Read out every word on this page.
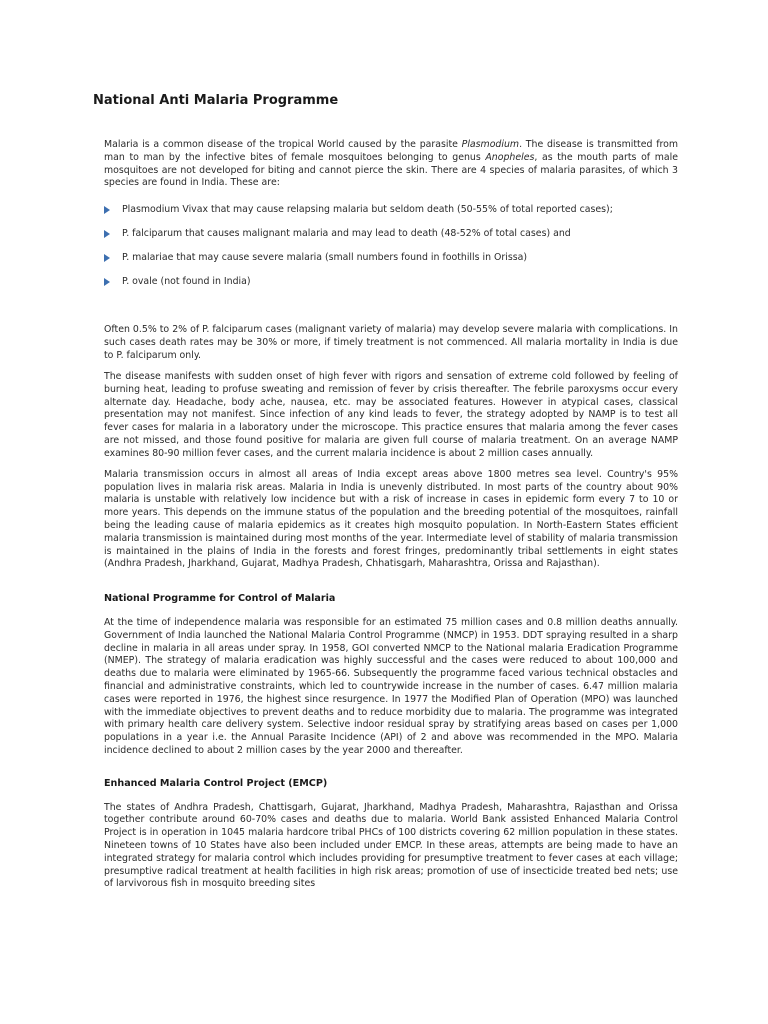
National Anti Malaria Programme

Malaria is a common disease of the tropical World caused by the parasite Plasmodium. The disease is transmitted from man to man by the infective bites of female mosquitoes belonging to genus Anopheles, as the mouth parts of male mosquitoes are not developed for biting and cannot pierce the skin. There are 4 species of malaria parasites, of which 3 species are found in India. These are:

Plasmodium Vivax that may cause relapsing malaria but seldom death (50-55% of total reported cases);
P. falciparum that causes malignant malaria and may lead to death (48-52% of total cases) and
P. malariae that may cause severe malaria (small numbers found in foothills in Orissa)
P. ovale (not found in India)

Often 0.5% to 2% of P. falciparum cases (malignant variety of malaria) may develop severe malaria with complications. In such cases death rates may be 30% or more, if timely treatment is not commenced. All malaria mortality in India is due to P. falciparum only.

The disease manifests with sudden onset of high fever with rigors and sensation of extreme cold followed by feeling of burning heat, leading to profuse sweating and remission of fever by crisis thereafter. The febrile paroxysms occur every alternate day. Headache, body ache, nausea, etc. may be associated features. However in atypical cases, classical presentation may not manifest. Since infection of any kind leads to fever, the strategy adopted by NAMP is to test all fever cases for malaria in a laboratory under the microscope. This practice ensures that malaria among the fever cases are not missed, and those found positive for malaria are given full course of malaria treatment. On an average NAMP examines 80-90 million fever cases, and the current malaria incidence is about 2 million cases annually.

Malaria transmission occurs in almost all areas of India except areas above 1800 metres sea level. Country's 95% population lives in malaria risk areas. Malaria in India is unevenly distributed. In most parts of the country about 90% malaria is unstable with relatively low incidence but with a risk of increase in cases in epidemic form every 7 to 10 or more years. This depends on the immune status of the population and the breeding potential of the mosquitoes, rainfall being the leading cause of malaria epidemics as it creates high mosquito population. In North-Eastern States efficient malaria transmission is maintained during most months of the year. Intermediate level of stability of malaria transmission is maintained in the plains of India in the forests and forest fringes, predominantly tribal settlements in eight states (Andhra Pradesh, Jharkhand, Gujarat, Madhya Pradesh, Chhatisgarh, Maharashtra, Orissa and Rajasthan).

National Programme for Control of Malaria

At the time of independence malaria was responsible for an estimated 75 million cases and 0.8 million deaths annually. Government of India launched the National Malaria Control Programme (NMCP) in 1953. DDT spraying resulted in a sharp decline in malaria in all areas under spray. In 1958, GOI converted NMCP to the National malaria Eradication Programme (NMEP). The strategy of malaria eradication was highly successful and the cases were reduced to about 100,000 and deaths due to malaria were eliminated by 1965-66. Subsequently the programme faced various technical obstacles and financial and administrative constraints, which led to countrywide increase in the number of cases. 6.47 million malaria cases were reported in 1976, the highest since resurgence. In 1977 the Modified Plan of Operation (MPO) was launched with the immediate objectives to prevent deaths and to reduce morbidity due to malaria. The programme was integrated with primary health care delivery system. Selective indoor residual spray by stratifying areas based on cases per 1,000 populations in a year i.e. the Annual Parasite Incidence (API) of 2 and above was recommended in the MPO. Malaria incidence declined to about 2 million cases by the year 2000 and thereafter.

Enhanced Malaria Control Project (EMCP)

The states of Andhra Pradesh, Chattisgarh, Gujarat, Jharkhand, Madhya Pradesh, Maharashtra, Rajasthan and Orissa together contribute around 60-70% cases and deaths due to malaria. World Bank assisted Enhanced Malaria Control Project is in operation in 1045 malaria hardcore tribal PHCs of 100 districts covering 62 million population in these states. Nineteen towns of 10 States have also been included under EMCP. In these areas, attempts are being made to have an integrated strategy for malaria control which includes providing for presumptive treatment to fever cases at each village; presumptive radical treatment at health facilities in high risk areas; promotion of use of insecticide treated bed nets; use of larvivorous fish in mosquito breeding sites
